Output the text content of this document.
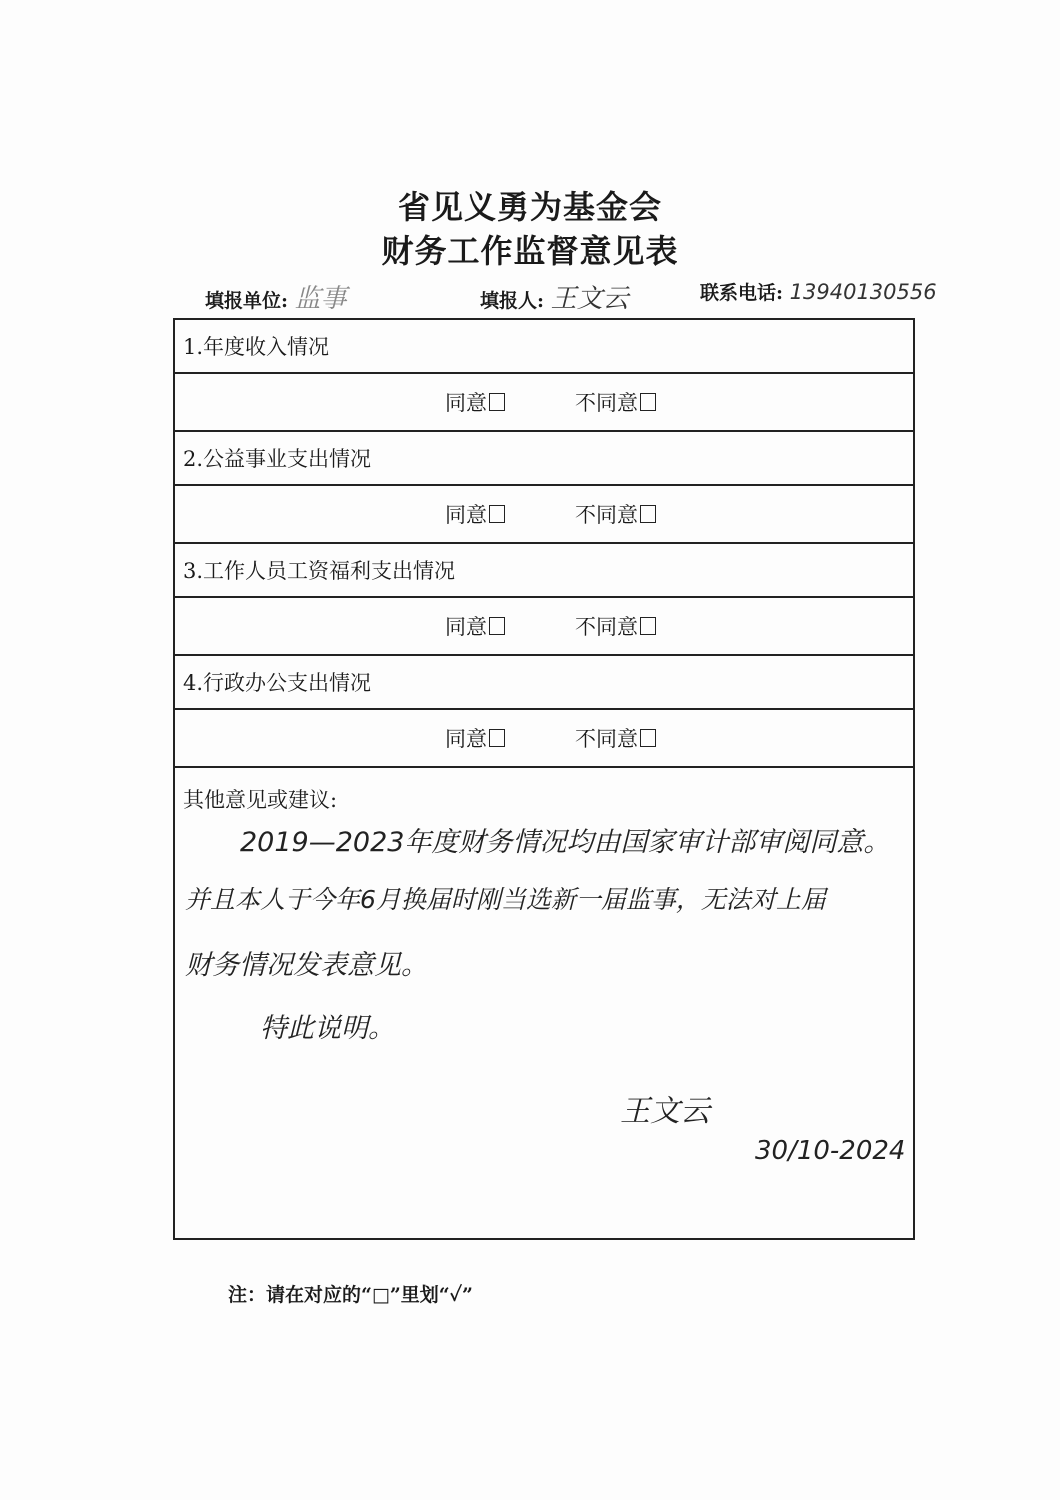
省见义勇为基金会
财务工作监督意见表
填报单位: 监事	填报人: 王文云	联系电话: 13940130556
1.年度收入情况

同意	不同意

2.公益事业支出情况

同意	不同意

3.工作人员工资福利支出情况

同意	不同意

4.行政办公支出情况

同意	不同意

其他意见或建议:
2019—2023年度财务情况均由国家审计部审阅同意。
并且本人于今年6月换届时刚当选新一届监事，无法对上届
财务情况发表意见。
特此说明。
王文云
30/10-2024
注：请在对应的“□”里划“✓”
